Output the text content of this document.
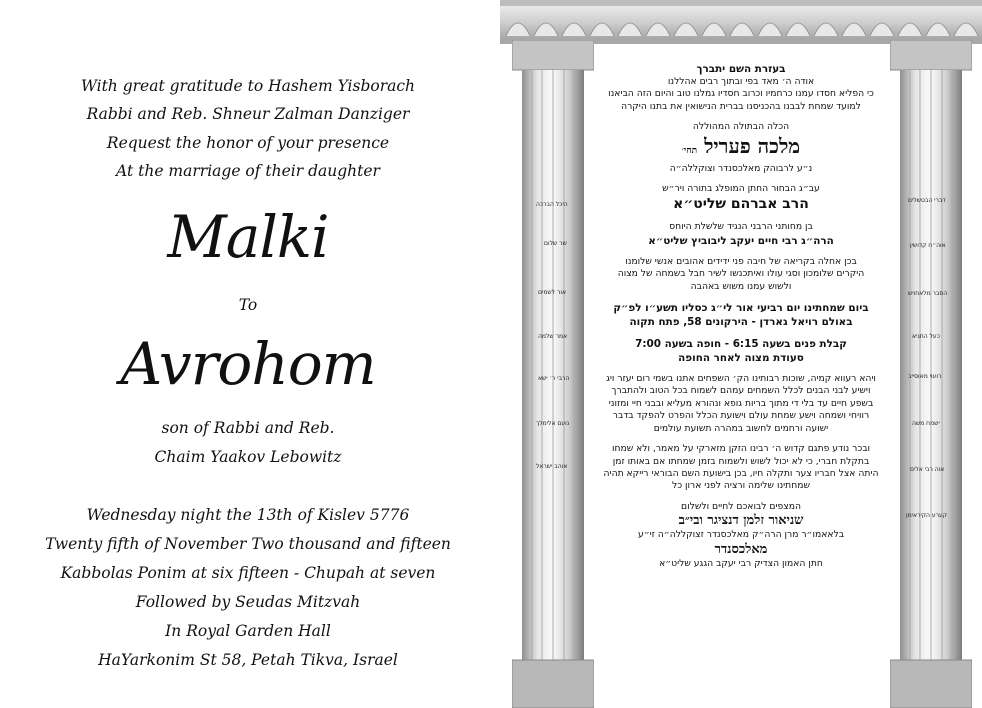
With great gratitude to Hashem Yisborach
Rabbi and Reb. Shneur Zalman Danziger
Request the honor of your presence
At the marriage of their daughter
Malki
To
Avrohom
son of Rabbi and Reb.
Chaim Yaakov Lebowitz
Wednesday night the 13th of Kislev 5776
Twenty fifth of November Two thousand and fifteen
Kabbolas Ponim at six fifteen - Chupah at seven
Followed by Seudas Mitzvah
In Royal Garden Hall
HaYarkonim St 58, Petah Tikva, Israel
היכל הברכה
שר שלום
אור לשמים
אמר שלמה
הרבי ר׳ ישא
נועם אלימלך
אוהב ישראל
דברי הבטשלים
אוה״ח קדושין
הסבר מלאחויש
כעל התניא
רועוי מאוסייב
ישמח משה
אוה רבי אלים
קערע הקיראימן
בעזרת השם יתברך
אודה ה׳ מאד בפי ובתוך רבים אהללנו
כי הפליא חסדו עמנו כרחמיו וכרוב חסדיו גמלנו טוב והיום הזה הביאנו
למועד שמחת לבבנו בהכניסנו בברית הנישואין את בתנו היקרה
הכלה הבתולה המהוללה
מלכה פעריל תחי׳
נ״ע לרבוהק מאלכסנדר וצוקללה״ה
עב״ג הבחור החתן המופלג בתורה ויר״ש
הרב אברהם שליט״א
בן מחותני הרבני הנגיד שלשלת היוחס
הרה״ג רבי חיים יעקב ליבוביץ שליט״א
בכן אחלה בקריאה של חיבה פני ידידים אהובים אנשי שלומנו
היקרים שלומכון וסגי עולו ואיתכנשו לשיר חבל בשמחה של מצוה
ולשוש עמנו משוש באהבה
ביום שמחתינו יום רביעי אור לי״ג כסליו תשע״ו לפ״ק
באולם רויאל גארדן - הירקונים 58, פתח תקוה
קבלת פנים בשעה 6:15 - חופה בשעה 7:00
סעודת מצוה לאחר החופה
ויהא רעווא קמיה, שוכות רבותינו הק׳ השפחים אתנו בשמי רום יעזר ויג
וישיע לבני הבנים לכלל השמחים עמהם לשמוח בכל הטוב ולהתברך
בשפע חיים עד בלי די מתוך בריות גופא ונהורא מעליא ובבני חיי ומזוני
רוויחי ושמחה וישע שמחת עולם וישועת הכלל והפרט להפקד בדבר
ישועה ורחמים לחשוב במהרה תשועת עולמים
ובכר נודע פתגם קדוש ה׳ רבינו הזקן מזארקי על מאמר, ולא שמחו
בתקלת חברי, כי לא יכול לשוש ולשמוח בזמן שמחתו אם באותו זמן
היתה אצל חבריו צער ותקלה חיו, בכן בישועת השם הבוראי רייקא תהיה
שמחתינו שלימה ורציה לפני ארון כל
המצפים לבואכם לחיים ולשלום
שניאור זלמן דנציגר ובי״ב
בלאאמו״ר מרן הרה״ק מאלכסנדר זצוקללה״ה זי״ע
מאלכסנדר
חתן האמון הצדיק רבי יעקב הגגע שליט״א
